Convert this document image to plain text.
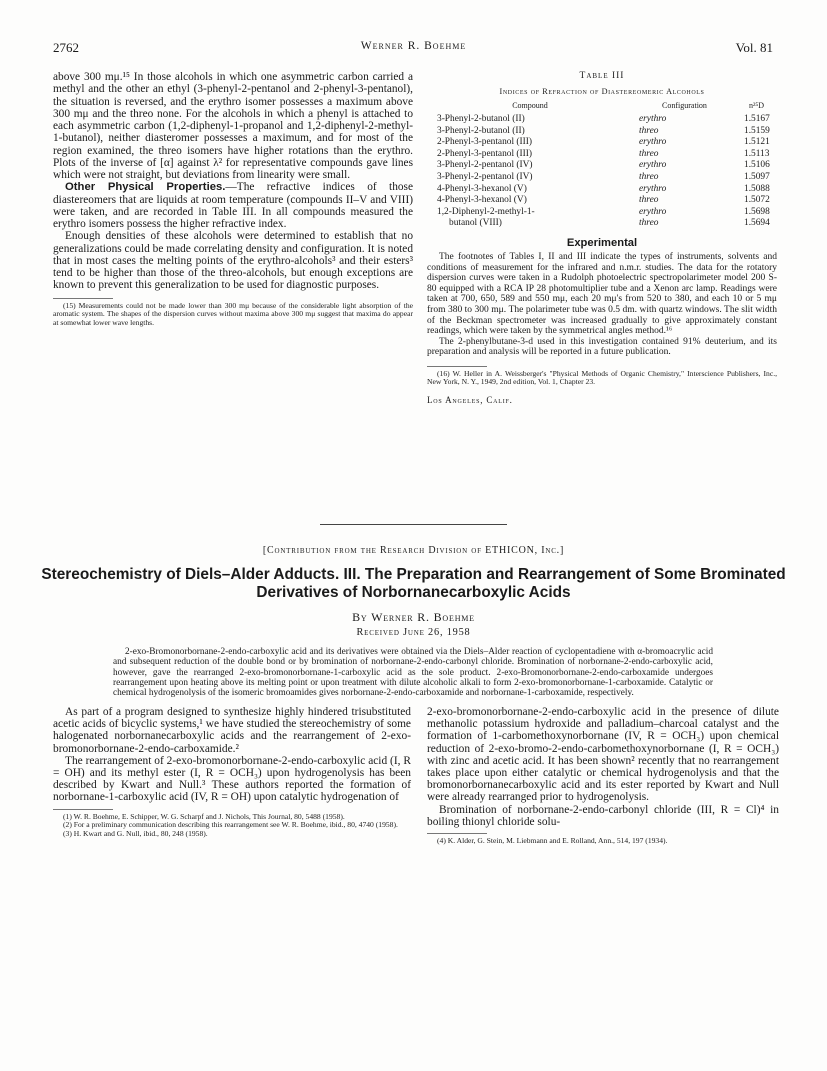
2762	Werner R. Boehme	Vol. 81

above 300 mμ.¹⁵ In those alcohols in which one asymmetric carbon carried a methyl and the other an ethyl (3-phenyl-2-pentanol and 2-phenyl-3-pentanol), the situation is reversed, and the erythro isomer possesses a maximum above 300 mμ and the threo none. For the alcohols in which a phenyl is attached to each asymmetric carbon (1,2-diphenyl-1-propanol and 1,2-diphenyl-2-methyl-1-butanol), neither diasteromer possesses a maximum, and for most of the region examined, the threo isomers have higher rotations than the erythro. Plots of the inverse of [α] against λ² for representative compounds gave lines which were not straight, but deviations from linearity were small.

Other Physical Properties.—The refractive indices of those diastereomers that are liquids at room temperature (compounds II–V and VIII) were taken, and are recorded in Table III. In all compounds measured the erythro isomers possess the higher refractive index.

Enough densities of these alcohols were determined to establish that no generalizations could be made correlating density and configuration. It is noted that in most cases the melting points of the erythro-alcohols³ and their esters³ tend to be higher than those of the threo-alcohols, but enough exceptions are known to prevent this generalization to be used for diagnostic purposes.

(15) Measurements could not be made lower than 300 mμ because of the considerable light absorption of the aromatic system. The shapes of the dispersion curves without maxima above 300 mμ suggest that maxima do appear at somewhat lower wave lengths.

Table III
Indices of Refraction of Diastereomeric Alcohols
Compound	Configuration	n²⁵D
3-Phenyl-2-butanol (II)	erythro	1.5167
3-Phenyl-2-butanol (II)	threo	1.5159
2-Phenyl-3-pentanol (III)	erythro	1.5121
2-Phenyl-3-pentanol (III)	threo	1.5113
3-Phenyl-2-pentanol (IV)	erythro	1.5106
3-Phenyl-2-pentanol (IV)	threo	1.5097
4-Phenyl-3-hexanol (V)	erythro	1.5088
4-Phenyl-3-hexanol (V)	threo	1.5072
1,2-Diphenyl-2-methyl-1-	erythro	1.5698
butanol (VIII)	threo	1.5694
Experimental

The footnotes of Tables I, II and III indicate the types of instruments, solvents and conditions of measurement for the infrared and n.m.r. studies. The data for the rotatory dispersion curves were taken in a Rudolph photoelectric spectropolarimeter model 200 S-80 equipped with a RCA IP 28 photomultiplier tube and a Xenon arc lamp. Readings were taken at 700, 650, 589 and 550 mμ, each 20 mμ's from 520 to 380, and each 10 or 5 mμ from 380 to 300 mμ. The polarimeter tube was 0.5 dm. with quartz windows. The slit width of the Beckman spectrometer was increased gradually to give approximately constant readings, which were taken by the symmetrical angles method.¹⁶

The 2-phenylbutane-3-d used in this investigation contained 91% deuterium, and its preparation and analysis will be reported in a future publication.

(16) W. Heller in A. Weissberger's "Physical Methods of Organic Chemistry," Interscience Publishers, Inc., New York, N. Y., 1949, 2nd edition, Vol. 1, Chapter 23.

Los Angeles, Calif.
[Contribution from the Research Division of ETHICON, Inc.]
Stereochemistry of Diels–Alder Adducts. III. The Preparation and Rearrangement of Some Brominated Derivatives of Norbornanecarboxylic Acids
By Werner R. Boehme
Received June 26, 1958

2-exo-Bromonorbornane-2-endo-carboxylic acid and its derivatives were obtained via the Diels–Alder reaction of cyclopentadiene with α-bromoacrylic acid and subsequent reduction of the double bond or by bromination of norbornane-2-endo-carbonyl chloride. Bromination of norbornane-2-endo-carboxylic acid, however, gave the rearranged 2-exo-bromonorbornane-1-carboxylic acid as the sole product. 2-exo-Bromonorbornane-2-endo-carboxamide undergoes rearrangement upon heating above its melting point or upon treatment with dilute alcoholic alkali to form 2-exo-bromonorbornane-1-carboxamide. Catalytic or chemical hydrogenolysis of the isomeric bromoamides gives norbornane-2-endo-carboxamide and norbornane-1-carboxamide, respectively.

As part of a program designed to synthesize highly hindered trisubstituted acetic acids of bicyclic systems,¹ we have studied the stereochemistry of some halogenated norbornanecarboxylic acids and the rearrangement of 2-exo-bromonorbornane-2-endo-carboxamide.²

The rearrangement of 2-exo-bromonorbornane-2-endo-carboxylic acid (I, R = OH) and its methyl ester (I, R = OCH₃) upon hydrogenolysis has been described by Kwart and Null.³ These authors reported the formation of norbornane-1-carboxylic acid (IV, R = OH) upon catalytic hydrogenation of

(1) W. R. Boehme, E. Schipper, W. G. Scharpf and J. Nichols, This Journal, 80, 5488 (1958).

(2) For a preliminary communication describing this rearrangement see W. R. Boehme, ibid., 80, 4740 (1958).

(3) H. Kwart and G. Null, ibid., 80, 248 (1958).

2-exo-bromonorbornane-2-endo-carboxylic acid in the presence of dilute methanolic potassium hydroxide and palladium–charcoal catalyst and the formation of 1-carbomethoxynorbornane (IV, R = OCH₃) upon chemical reduction of 2-exo-bromo-2-endo-carbomethoxynorbornane (I, R = OCH₃) with zinc and acetic acid. It has been shown² recently that no rearrangement takes place upon either catalytic or chemical hydrogenolysis and that the bromonorbornanecarboxylic acid and its ester reported by Kwart and Null were already rearranged prior to hydrogenolysis.

Bromination of norbornane-2-endo-carbonyl chloride (III, R = Cl)⁴ in boiling thionyl chloride solu-

(4) K. Alder, G. Stein, M. Liebmann and E. Rolland, Ann., 514, 197 (1934).
